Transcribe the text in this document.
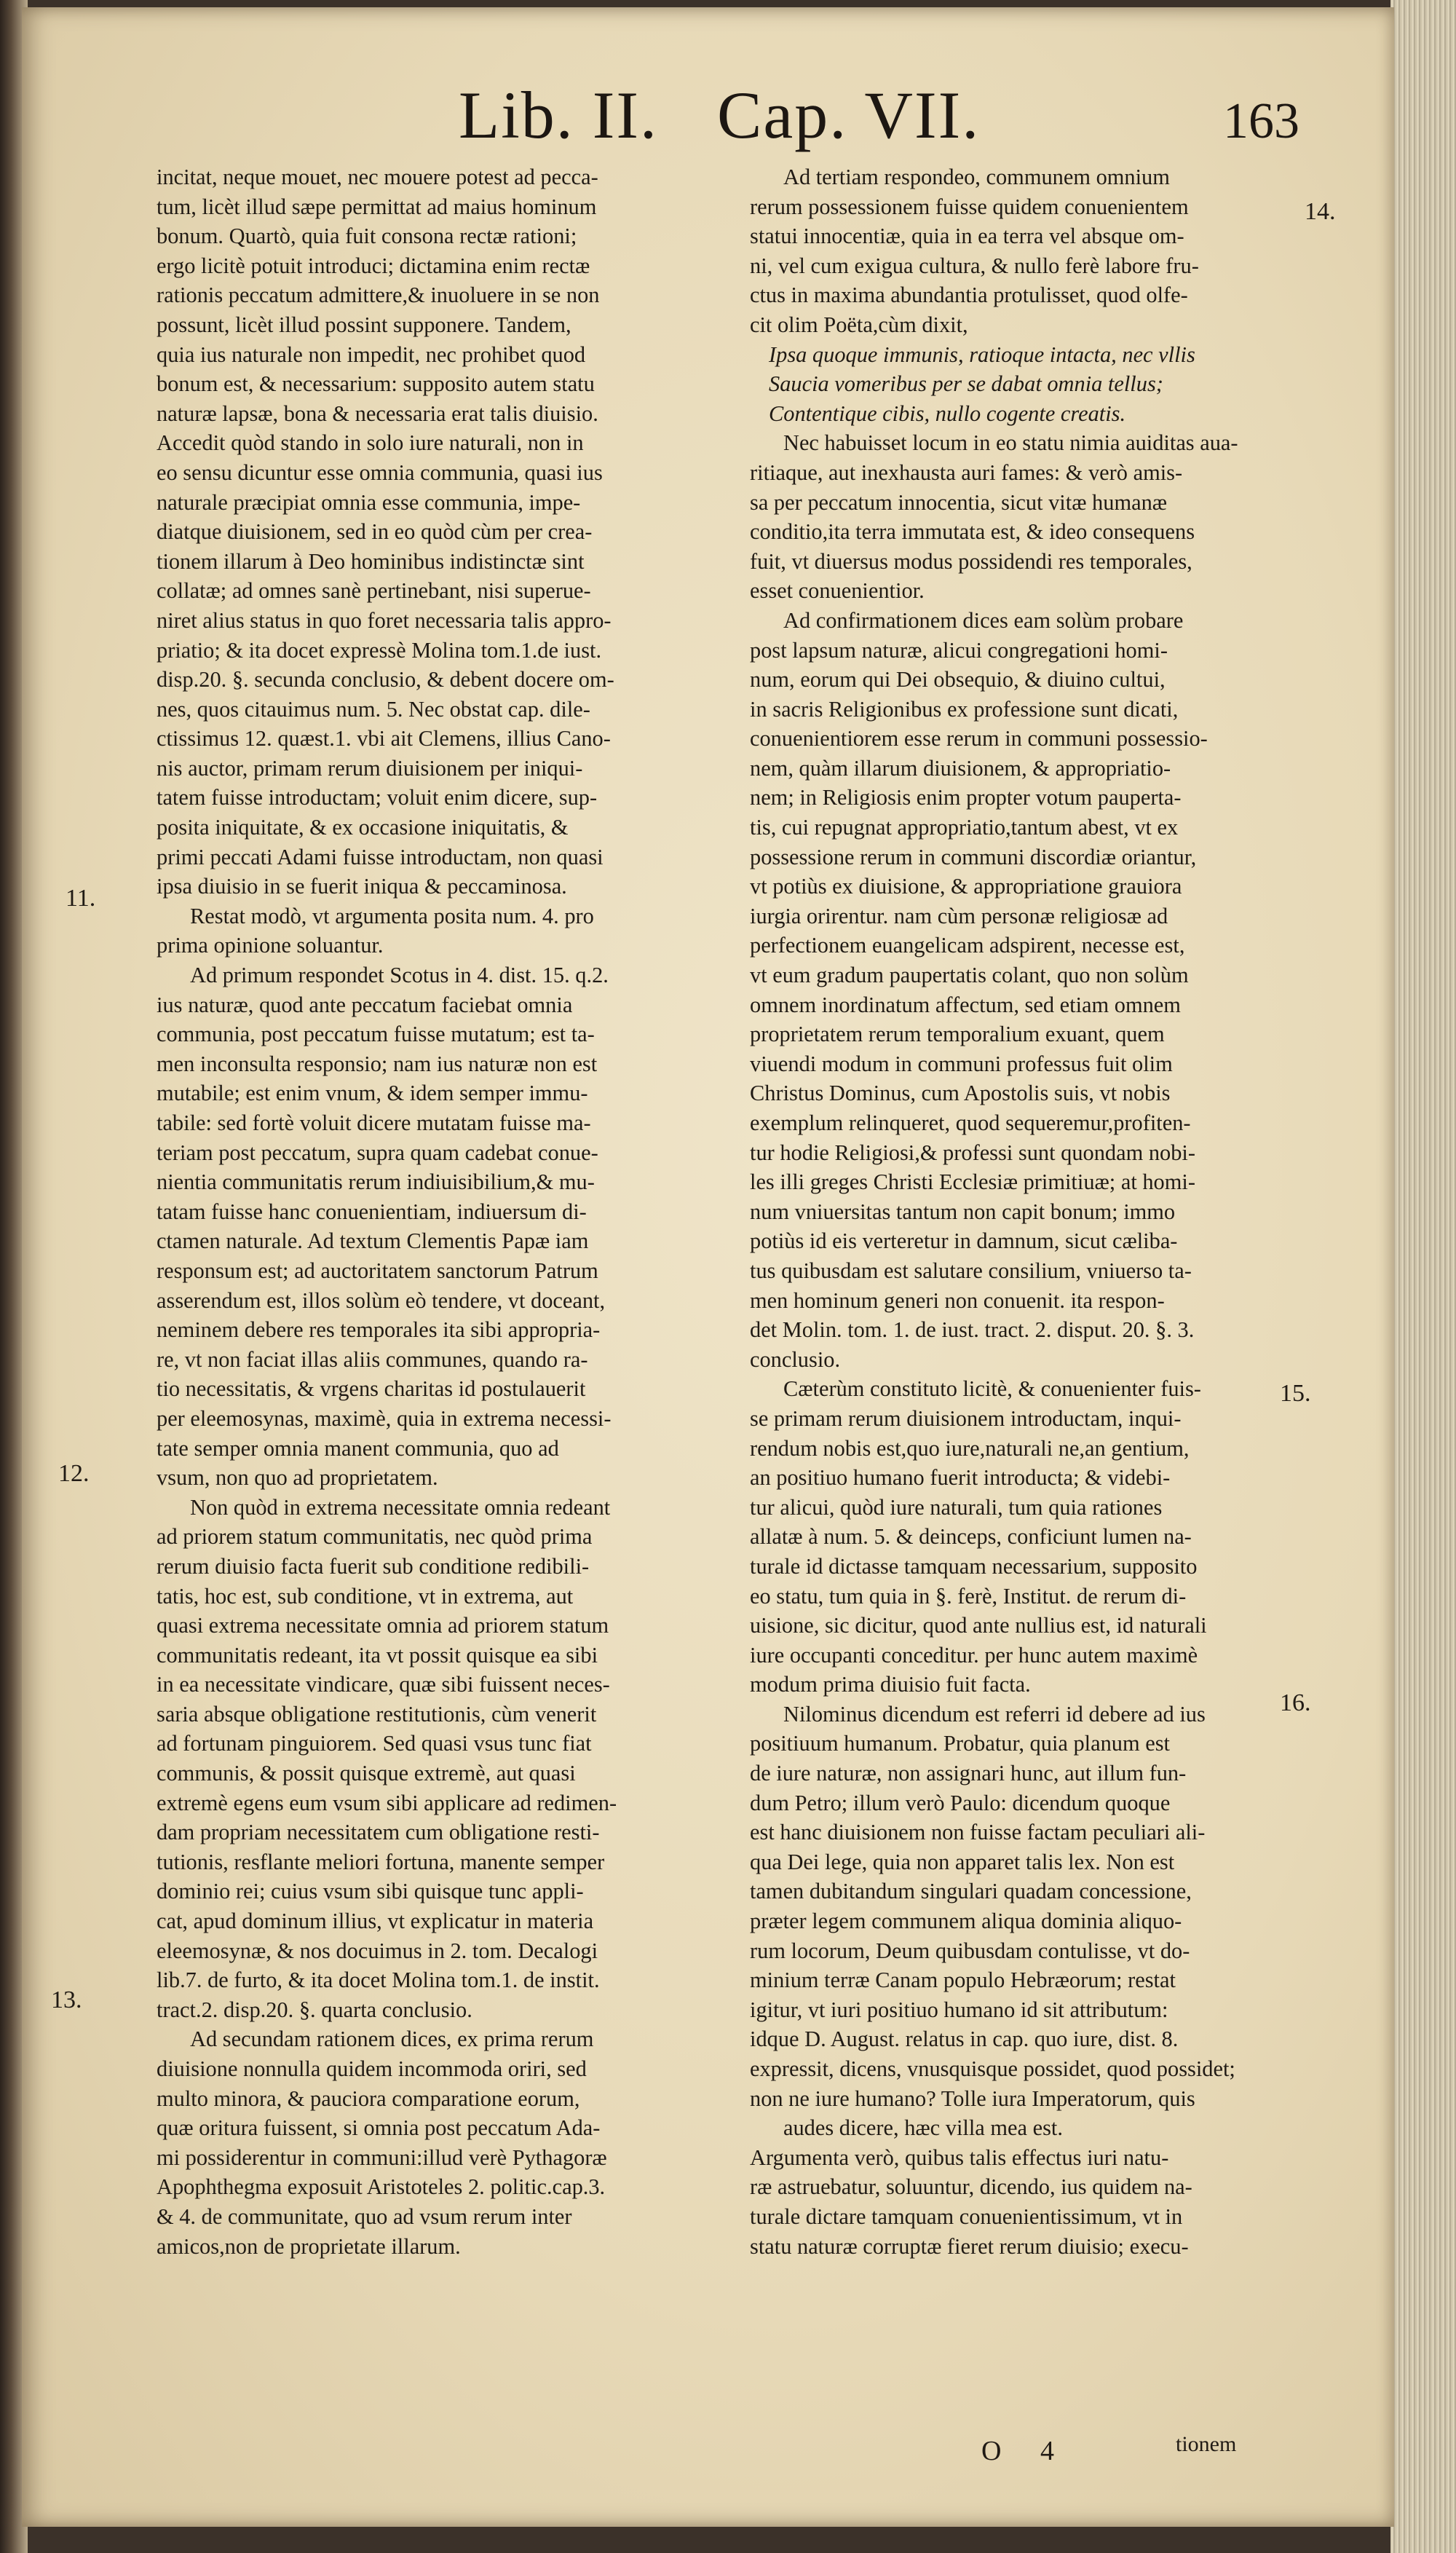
Lib. II. Cap. VII.	163
incitat, neque mouet, nec mouere potest ad pecca-
tum, licèt illud sæpe permittat ad maius hominum
bonum. Quartò, quia fuit consona rectæ rationi;
ergo licitè potuit introduci; dictamina enim rectæ
rationis peccatum admittere,& inuoluere in se non
possunt, licèt illud possint supponere. Tandem,
quia ius naturale non impedit, nec prohibet quod
bonum est, & necessarium: supposito autem statu
naturæ lapsæ, bona & necessaria erat talis diuisio.
Accedit quòd stando in solo iure naturali, non in
eo sensu dicuntur esse omnia communia, quasi ius
naturale præcipiat omnia esse communia, impe-
diatque diuisionem, sed in eo quòd cùm per crea-
tionem illarum à Deo hominibus indistinctæ sint
collatæ; ad omnes sanè pertinebant, nisi superue-
niret alius status in quo foret necessaria talis appro-
priatio; & ita docet expressè Molina tom.1.de iust.
disp.20. §. secunda conclusio, & debent docere om-
nes, quos citauimus num. 5. Nec obstat cap. dile-
ctissimus 12. quæst.1. vbi ait Clemens, illius Cano-
nis auctor, primam rerum diuisionem per iniqui-
tatem fuisse introductam; voluit enim dicere, sup-
posita iniquitate, & ex occasione iniquitatis, &
primi peccati Adami fuisse introductam, non quasi
ipsa diuisio in se fuerit iniqua & peccaminosa.
Restat modò, vt argumenta posita num. 4. pro
prima opinione soluantur.
Ad primum respondet Scotus in 4. dist. 15. q.2.
ius naturæ, quod ante peccatum faciebat omnia
communia, post peccatum fuisse mutatum; est ta-
men inconsulta responsio; nam ius naturæ non est
mutabile; est enim vnum, & idem semper immu-
tabile: sed fortè voluit dicere mutatam fuisse ma-
teriam post peccatum, supra quam cadebat conue-
nientia communitatis rerum indiuisibilium,& mu-
tatam fuisse hanc conuenientiam, indiuersum di-
ctamen naturale. Ad textum Clementis Papæ iam
responsum est; ad auctoritatem sanctorum Patrum
asserendum est, illos solùm eò tendere, vt doceant,
neminem debere res temporales ita sibi appropria-
re, vt non faciat illas aliis communes, quando ra-
tio necessitatis, & vrgens charitas id postulauerit
per eleemosynas, maximè, quia in extrema necessi-
tate semper omnia manent communia, quo ad
vsum, non quo ad proprietatem.
Non quòd in extrema necessitate omnia redeant
ad priorem statum communitatis, nec quòd prima
rerum diuisio facta fuerit sub conditione redibili-
tatis, hoc est, sub conditione, vt in extrema, aut
quasi extrema necessitate omnia ad priorem statum
communitatis redeant, ita vt possit quisque ea sibi
in ea necessitate vindicare, quæ sibi fuissent neces-
saria absque obligatione restitutionis, cùm venerit
ad fortunam pinguiorem. Sed quasi vsus tunc fiat
communis, & possit quisque extremè, aut quasi
extremè egens eum vsum sibi applicare ad redimen-
dam propriam necessitatem cum obligatione resti-
tutionis, resflante meliori fortuna, manente semper
dominio rei; cuius vsum sibi quisque tunc appli-
cat, apud dominum illius, vt explicatur in materia
eleemosynæ, & nos docuimus in 2. tom. Decalogi
lib.7. de furto, & ita docet Molina tom.1. de instit.
tract.2. disp.20. §. quarta conclusio.
Ad secundam rationem dices, ex prima rerum
diuisione nonnulla quidem incommoda oriri, sed
multo minora, & pauciora comparatione eorum,
quæ oritura fuissent, si omnia post peccatum Ada-
mi possiderentur in communi:illud verè Pythagoræ
Apophthegma exposuit Aristoteles 2. politic.cap.3.
& 4. de communitate, quo ad vsum rerum inter
amicos,non de proprietate illarum.
Ad tertiam respondeo, communem omnium
rerum possessionem fuisse quidem conuenientem
statui innocentiæ, quia in ea terra vel absque om-
ni, vel cum exigua cultura, & nullo ferè labore fru-
ctus in maxima abundantia protulisset, quod olfe-
cit olim Poëta,cùm dixit,
Ipsa quoque immunis, ratioque intacta, nec vllis
Saucia vomeribus per se dabat omnia tellus;
Contentique cibis, nullo cogente creatis.
Nec habuisset locum in eo statu nimia auiditas aua-
ritiaque, aut inexhausta auri fames: & verò amis-
sa per peccatum innocentia, sicut vitæ humanæ
conditio,ita terra immutata est, & ideo consequens
fuit, vt diuersus modus possidendi res temporales,
esset conuenientior.
Ad confirmationem dices eam solùm probare
post lapsum naturæ, alicui congregationi homi-
num, eorum qui Dei obsequio, & diuino cultui,
in sacris Religionibus ex professione sunt dicati,
conuenientiorem esse rerum in communi possessio-
nem, quàm illarum diuisionem, & appropriatio-
nem; in Religiosis enim propter votum pauperta-
tis, cui repugnat appropriatio,tantum abest, vt ex
possessione rerum in communi discordiæ oriantur,
vt potiùs ex diuisione, & appropriatione grauiora
iurgia orirentur. nam cùm personæ religiosæ ad
perfectionem euangelicam adspirent, necesse est,
vt eum gradum paupertatis colant, quo non solùm
omnem inordinatum affectum, sed etiam omnem
proprietatem rerum temporalium exuant, quem
viuendi modum in communi professus fuit olim
Christus Dominus, cum Apostolis suis, vt nobis
exemplum relinqueret, quod sequeremur,profiten-
tur hodie Religiosi,& professi sunt quondam nobi-
les illi greges Christi Ecclesiæ primitiuæ; at homi-
num vniuersitas tantum non capit bonum; immo
potiùs id eis verteretur in damnum, sicut cæliba-
tus quibusdam est salutare consilium, vniuerso ta-
men hominum generi non conuenit. ita respon-
det Molin. tom. 1. de iust. tract. 2. disput. 20. §. 3.
conclusio.
Cæterùm constituto licitè, & conuenienter fuis-
se primam rerum diuisionem introductam, inqui-
rendum nobis est,quo iure,naturali ne,an gentium,
an positiuo humano fuerit introducta; & videbi-
tur alicui, quòd iure naturali, tum quia rationes
allatæ à num. 5. & deinceps, conficiunt lumen na-
turale id dictasse tamquam necessarium, supposito
eo statu, tum quia in §. ferè, Institut. de rerum di-
uisione, sic dicitur, quod ante nullius est, id naturali
iure occupanti conceditur. per hunc autem maximè
modum prima diuisio fuit facta.
Nilominus dicendum est referri id debere ad ius
positiuum humanum. Probatur, quia planum est
de iure naturæ, non assignari hunc, aut illum fun-
dum Petro; illum verò Paulo: dicendum quoque
est hanc diuisionem non fuisse factam peculiari ali-
qua Dei lege, quia non apparet talis lex. Non est
tamen dubitandum singulari quadam concessione,
præter legem communem aliqua dominia aliquo-
rum locorum, Deum quibusdam contulisse, vt do-
minium terræ Canam populo Hebræorum; restat
igitur, vt iuri positiuo humano id sit attributum:
idque D. August. relatus in cap. quo iure, dist. 8.
expressit, dicens, vnusquisque possidet, quod possidet;
non ne iure humano? Tolle iura Imperatorum, quis
audes dicere, hæc villa mea est.
Argumenta verò, quibus talis effectus iuri natu-
ræ astruebatur, soluuntur, dicendo, ius quidem na-
turale dictare tamquam conuenientissimum, vt in
statu naturæ corruptæ fieret rerum diuisio; execu-
14.
11.
12.
13.
15.
16.
O 4	tionem
